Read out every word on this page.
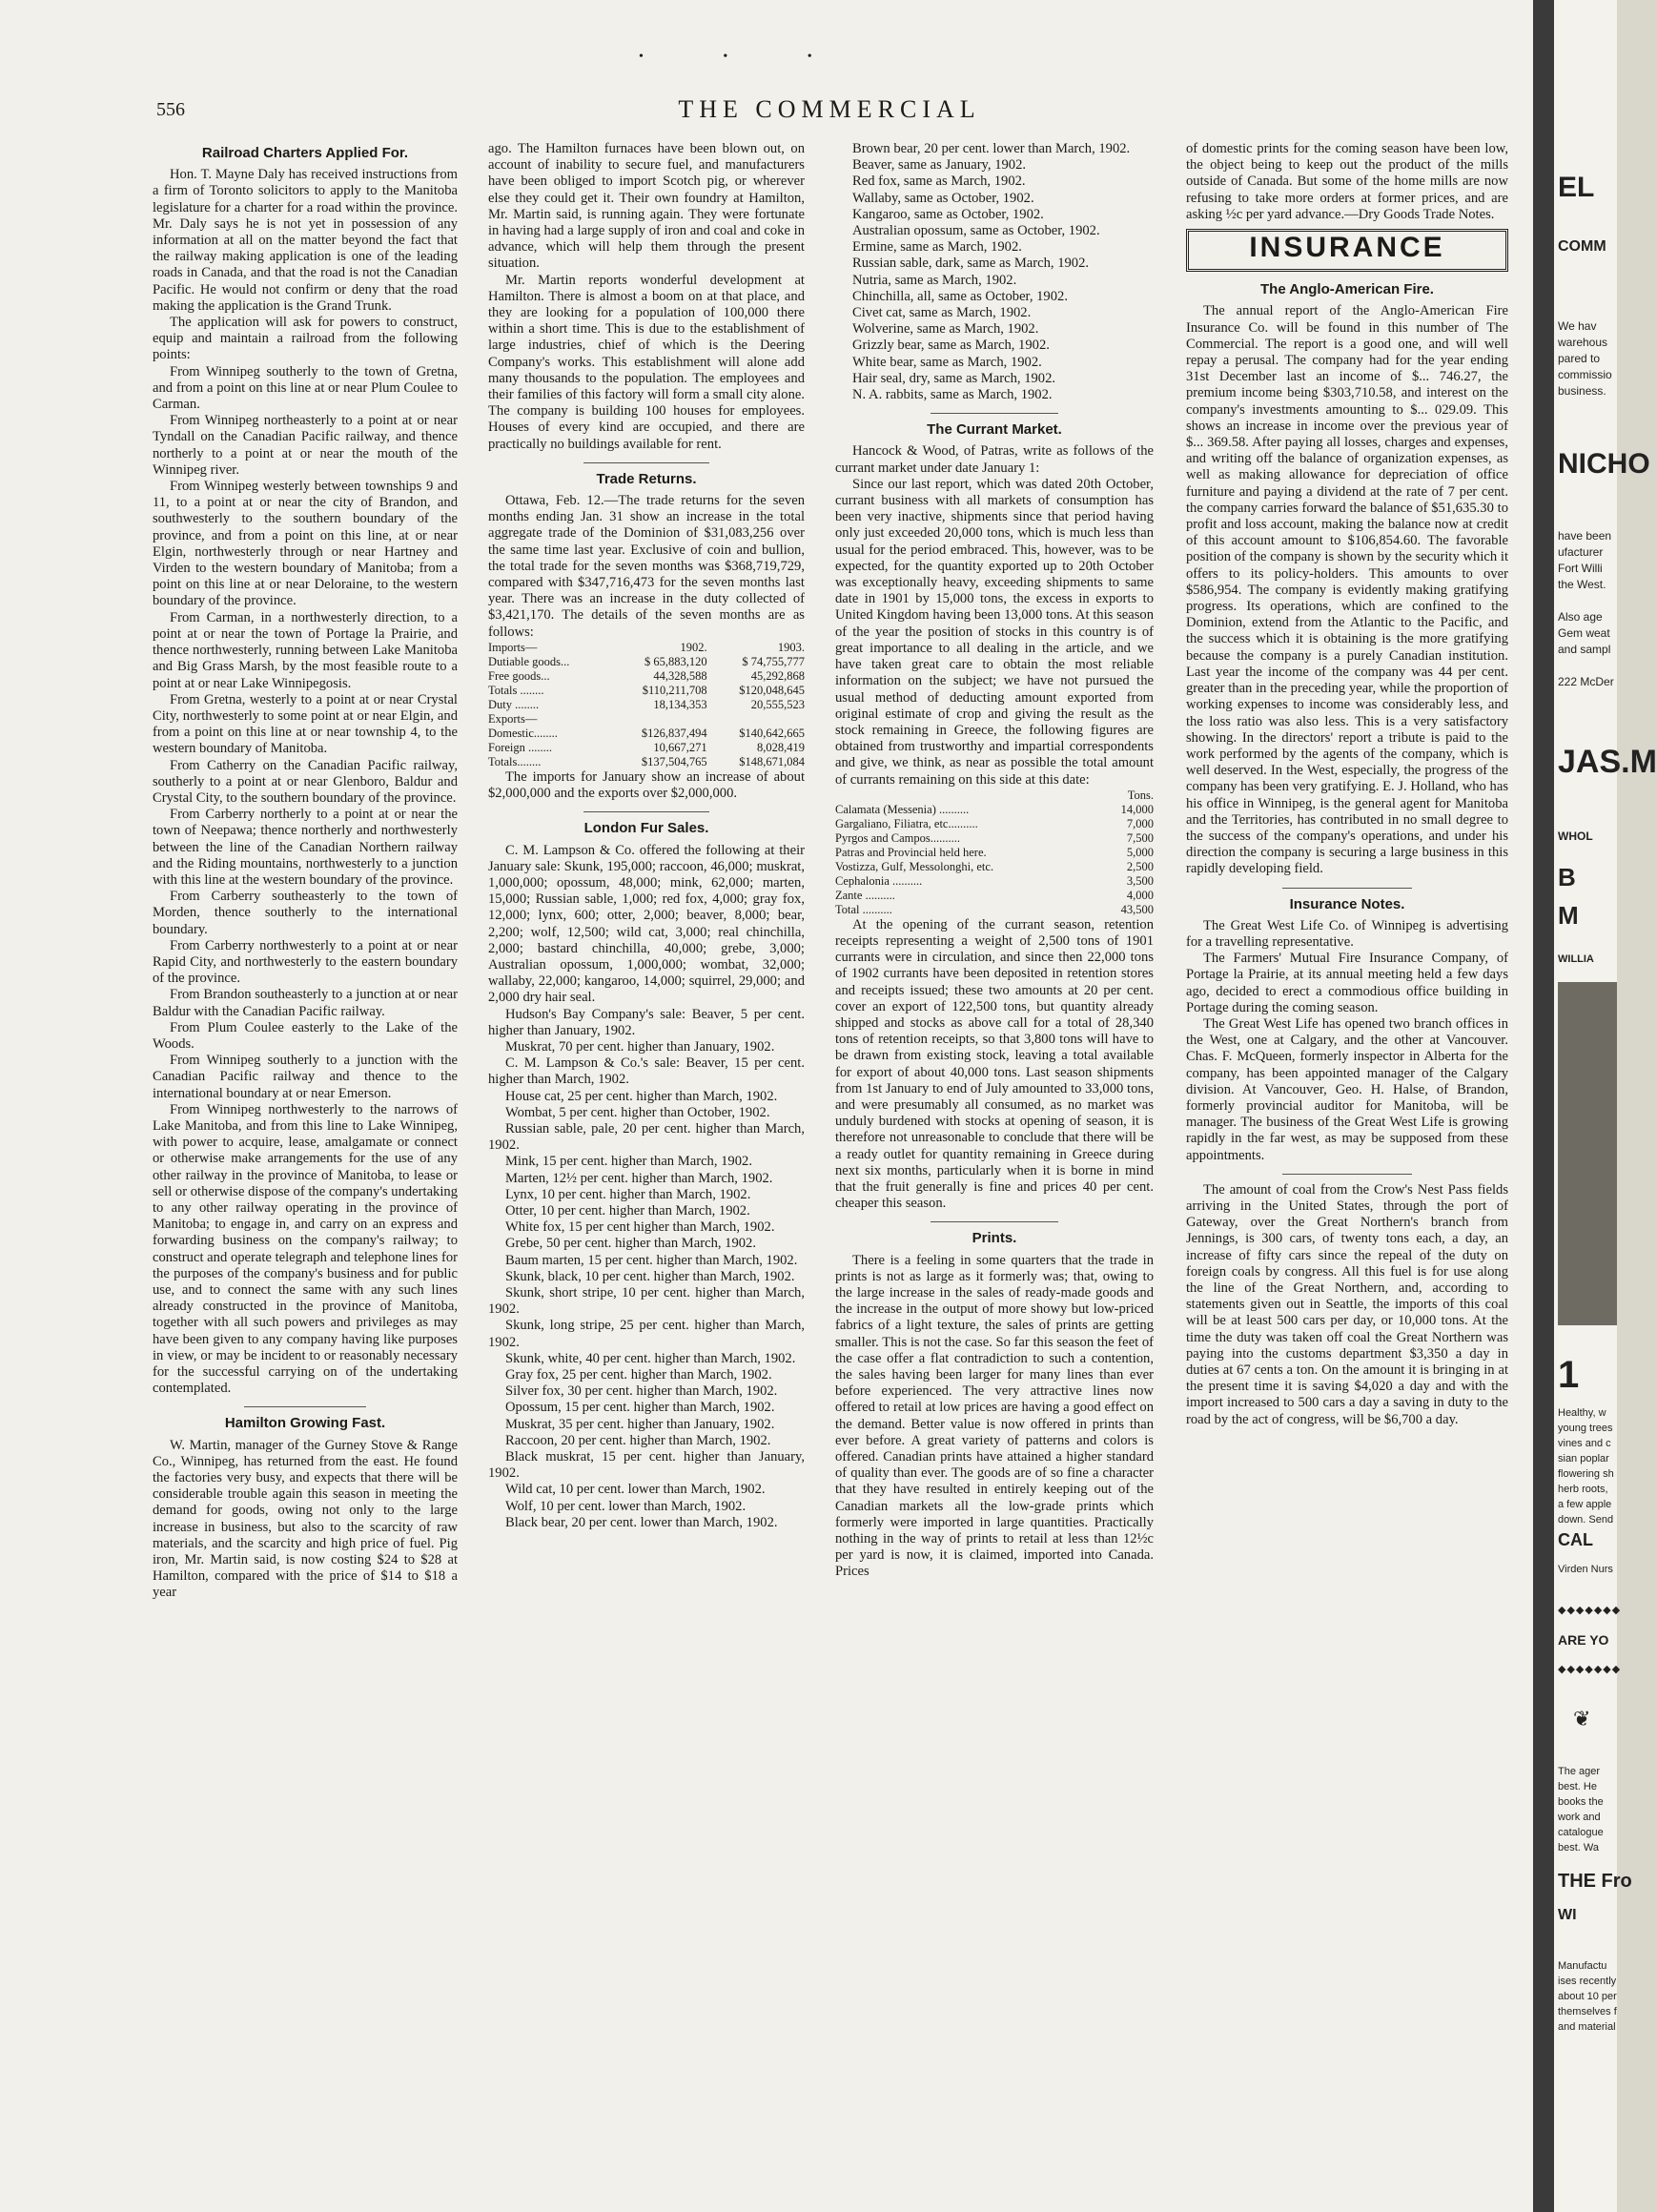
• • •
556	THE COMMERCIAL
Railroad Charters Applied For.

Hon. T. Mayne Daly has received instructions from a firm of Toronto solicitors to apply to the Manitoba legislature for a charter for a road within the province. Mr. Daly says he is not yet in possession of any information at all on the matter beyond the fact that the railway making application is one of the leading roads in Canada, and that the road is not the Canadian Pacific. He would not confirm or deny that the road making the application is the Grand Trunk.

The application will ask for powers to construct, equip and maintain a railroad from the following points:

From Winnipeg southerly to the town of Gretna, and from a point on this line at or near Plum Coulee to Carman.

From Winnipeg northeasterly to a point at or near Tyndall on the Canadian Pacific railway, and thence northerly to a point at or near the mouth of the Winnipeg river.

From Winnipeg westerly between townships 9 and 11, to a point at or near the city of Brandon, and southwesterly to the southern boundary of the province, and from a point on this line, at or near Elgin, northwesterly through or near Hartney and Virden to the western boundary of Manitoba; from a point on this line at or near Deloraine, to the western boundary of the province.

From Carman, in a northwesterly direction, to a point at or near the town of Portage la Prairie, and thence northwesterly, running between Lake Manitoba and Big Grass Marsh, by the most feasible route to a point at or near Lake Winnipegosis.

From Gretna, westerly to a point at or near Crystal City, northwesterly to some point at or near Elgin, and from a point on this line at or near township 4, to the western boundary of Manitoba.

From Catherry on the Canadian Pacific railway, southerly to a point at or near Glenboro, Baldur and Crystal City, to the southern boundary of the province.

From Carberry northerly to a point at or near the town of Neepawa; thence northerly and northwesterly between the line of the Canadian Northern railway and the Riding mountains, northwesterly to a junction with this line at the western boundary of the province.

From Carberry southeasterly to the town of Morden, thence southerly to the international boundary.

From Carberry northwesterly to a point at or near Rapid City, and northwesterly to the eastern boundary of the province.

From Brandon southeasterly to a junction at or near Baldur with the Canadian Pacific railway.

From Plum Coulee easterly to the Lake of the Woods.

From Winnipeg southerly to a junction with the Canadian Pacific railway and thence to the international boundary at or near Emerson.

From Winnipeg northwesterly to the narrows of Lake Manitoba, and from this line to Lake Winnipeg, with power to acquire, lease, amalgamate or connect or otherwise make arrangements for the use of any other railway in the province of Manitoba, to lease or sell or otherwise dispose of the company's undertaking to any other railway operating in the province of Manitoba; to engage in, and carry on an express and forwarding business on the company's railway; to construct and operate telegraph and telephone lines for the purposes of the company's business and for public use, and to connect the same with any such lines already constructed in the province of Manitoba, together with all such powers and privileges as may have been given to any company having like purposes in view, or may be incident to or reasonably necessary for the successful carrying on of the undertaking contemplated.

Hamilton Growing Fast.

W. Martin, manager of the Gurney Stove & Range Co., Winnipeg, has returned from the east. He found the factories very busy, and expects that there will be considerable trouble again this season in meeting the demand for goods, owing not only to the large increase in business, but also to the scarcity of raw materials, and the scarcity and high price of fuel. Pig iron, Mr. Martin said, is now costing $24 to $28 at Hamilton, compared with the price of $14 to $18 a year

ago. The Hamilton furnaces have been blown out, on account of inability to secure fuel, and manufacturers have been obliged to import Scotch pig, or wherever else they could get it. Their own foundry at Hamilton, Mr. Martin said, is running again. They were fortunate in having had a large supply of iron and coal and coke in advance, which will help them through the present situation.

Mr. Martin reports wonderful development at Hamilton. There is almost a boom on at that place, and they are looking for a population of 100,000 there within a short time. This is due to the establishment of large industries, chief of which is the Deering Company's works. This establishment will alone add many thousands to the population. The employees and their families of this factory will form a small city alone. The company is building 100 houses for employees. Houses of every kind are occupied, and there are practically no buildings available for rent.

Trade Returns.

Ottawa, Feb. 12.—The trade returns for the seven months ending Jan. 31 show an increase in the total aggregate trade of the Dominion of $31,083,256 over the same time last year. Exclusive of coin and bullion, the total trade for the seven months was $368,719,729, compared with $347,716,473 for the seven months last year. There was an increase in the duty collected of $3,421,170. The details of the seven months are as follows:

Imports—	1902.	1903.
Dutiable goods...	$ 65,883,120	$ 74,755,777
Free goods...	44,328,588	45,292,868
Totals ........	$110,211,708	$120,048,645
Duty ........	18,134,353	20,555,523
Exports—		
Domestic........	$126,837,494	$140,642,665
Foreign ........	10,667,271	8,028,419
Totals........	$137,504,765	$148,671,084

The imports for January show an increase of about $2,000,000 and the exports over $2,000,000.

London Fur Sales.

C. M. Lampson & Co. offered the following at their January sale: Skunk, 195,000; raccoon, 46,000; muskrat, 1,000,000; opossum, 48,000; mink, 62,000; marten, 15,000; Russian sable, 1,000; red fox, 4,000; gray fox, 12,000; lynx, 600; otter, 2,000; beaver, 8,000; bear, 2,200; wolf, 12,500; wild cat, 3,000; real chinchilla, 2,000; bastard chinchilla, 40,000; grebe, 3,000; Australian opossum, 1,000,000; wombat, 32,000; wallaby, 22,000; kangaroo, 14,000; squirrel, 29,000; and 2,000 dry hair seal.

Hudson's Bay Company's sale: Beaver, 5 per cent. higher than January, 1902.

Muskrat, 70 per cent. higher than January, 1902.

C. M. Lampson & Co.'s sale: Beaver, 15 per cent. higher than March, 1902.

House cat, 25 per cent. higher than March, 1902.

Wombat, 5 per cent. higher than October, 1902.

Russian sable, pale, 20 per cent. higher than March, 1902.

Mink, 15 per cent. higher than March, 1902.

Marten, 12½ per cent. higher than March, 1902.

Lynx, 10 per cent. higher than March, 1902.

Otter, 10 per cent. higher than March, 1902.

White fox, 15 per cent higher than March, 1902.

Grebe, 50 per cent. higher than March, 1902.

Baum marten, 15 per cent. higher than March, 1902.

Skunk, black, 10 per cent. higher than March, 1902.

Skunk, short stripe, 10 per cent. higher than March, 1902.

Skunk, long stripe, 25 per cent. higher than March, 1902.

Skunk, white, 40 per cent. higher than March, 1902.

Gray fox, 25 per cent. higher than March, 1902.

Silver fox, 30 per cent. higher than March, 1902.

Opossum, 15 per cent. higher than March, 1902.

Muskrat, 35 per cent. higher than January, 1902.

Raccoon, 20 per cent. higher than March, 1902.

Black muskrat, 15 per cent. higher than January, 1902.

Wild cat, 10 per cent. lower than March, 1902.

Wolf, 10 per cent. lower than March, 1902.

Black bear, 20 per cent. lower than March, 1902.

Brown bear, 20 per cent. lower than March, 1902.

Beaver, same as January, 1902.

Red fox, same as March, 1902.

Wallaby, same as October, 1902.

Kangaroo, same as October, 1902.

Australian opossum, same as October, 1902.

Ermine, same as March, 1902.

Russian sable, dark, same as March, 1902.

Nutria, same as March, 1902.

Chinchilla, all, same as October, 1902.

Civet cat, same as March, 1902.

Wolverine, same as March, 1902.

Grizzly bear, same as March, 1902.

White bear, same as March, 1902.

Hair seal, dry, same as March, 1902.

N. A. rabbits, same as March, 1902.

The Currant Market.

Hancock & Wood, of Patras, write as follows of the currant market under date January 1:

Since our last report, which was dated 20th October, currant business with all markets of consumption has been very inactive, shipments since that period having only just exceeded 20,000 tons, which is much less than usual for the period embraced. This, however, was to be expected, for the quantity exported up to 20th October was exceptionally heavy, exceeding shipments to same date in 1901 by 15,000 tons, the excess in exports to United Kingdom having been 13,000 tons. At this season of the year the position of stocks in this country is of great importance to all dealing in the article, and we have taken great care to obtain the most reliable information on the subject; we have not pursued the usual method of deducting amount exported from original estimate of crop and giving the result as the stock remaining in Greece, the following figures are obtained from trustworthy and impartial correspondents and give, we think, as near as possible the total amount of currants remaining on this side at this date:

	Tons.
Calamata (Messenia) ..........	14,000
Gargaliano, Filiatra, etc..........	7,000
Pyrgos and Campos..........	7,500
Patras and Provincial held here.	5,000
Vostizza, Gulf, Messolonghi, etc.	2,500
Cephalonia ..........	3,500
Zante ..........	4,000
Total ..........	43,500

At the opening of the currant season, retention receipts representing a weight of 2,500 tons of 1901 currants were in circulation, and since then 22,000 tons of 1902 currants have been deposited in retention stores and receipts issued; these two amounts at 20 per cent. cover an export of 122,500 tons, but quantity already shipped and stocks as above call for a total of 28,340 tons of retention receipts, so that 3,800 tons will have to be drawn from existing stock, leaving a total available for export of about 40,000 tons. Last season shipments from 1st January to end of July amounted to 33,000 tons, and were presumably all consumed, as no market was unduly burdened with stocks at opening of season, it is therefore not unreasonable to conclude that there will be a ready outlet for quantity remaining in Greece during next six months, particularly when it is borne in mind that the fruit generally is fine and prices 40 per cent. cheaper this season.

Prints.

There is a feeling in some quarters that the trade in prints is not as large as it formerly was; that, owing to the large increase in the sales of ready-made goods and the increase in the output of more showy but low-priced fabrics of a light texture, the sales of prints are getting smaller. This is not the case. So far this season the feet of the case offer a flat contradiction to such a contention, the sales having been larger for many lines than ever before experienced. The very attractive lines now offered to retail at low prices are having a good effect on the demand. Better value is now offered in prints than ever before. A great variety of patterns and colors is offered. Canadian prints have attained a higher standard of quality than ever. The goods are of so fine a character that they have resulted in entirely keeping out of the Canadian markets all the low-grade prints which formerly were imported in large quantities. Practically nothing in the way of prints to retail at less than 12½c per yard is now, it is claimed, imported into Canada. Prices

of domestic prints for the coming season have been low, the object being to keep out the product of the mills outside of Canada. But some of the home mills are now refusing to take more orders at former prices, and are asking ½c per yard advance.—Dry Goods Trade Notes.

INSURANCE
The Anglo-American Fire.

The annual report of the Anglo-American Fire Insurance Co. will be found in this number of The Commercial. The report is a good one, and will well repay a perusal. The company had for the year ending 31st December last an income of $... 746.27, the premium income being $303,710.58, and interest on the company's investments amounting to $... 029.09. This shows an increase in income over the previous year of $... 369.58. After paying all losses, charges and expenses, and writing off the balance of organization expenses, as well as making allowance for depreciation of office furniture and paying a dividend at the rate of 7 per cent. the company carries forward the balance of $51,635.30 to profit and loss account, making the balance now at credit of this account amount to $106,854.60. The favorable position of the company is shown by the security which it offers to its policy-holders. This amounts to over $586,954. The company is evidently making gratifying progress. Its operations, which are confined to the Dominion, extend from the Atlantic to the Pacific, and the success which it is obtaining is the more gratifying because the company is a purely Canadian institution. Last year the income of the company was 44 per cent. greater than in the preceding year, while the proportion of working expenses to income was considerably less, and the loss ratio was also less. This is a very satisfactory showing. In the directors' report a tribute is paid to the work performed by the agents of the company, which is well deserved. In the West, especially, the progress of the company has been very gratifying. E. J. Holland, who has his office in Winnipeg, is the general agent for Manitoba and the Territories, has contributed in no small degree to the success of the company's operations, and under his direction the company is securing a large business in this rapidly developing field.

Insurance Notes.

The Great West Life Co. of Winnipeg is advertising for a travelling representative.

The Farmers' Mutual Fire Insurance Company, of Portage la Prairie, at its annual meeting held a few days ago, decided to erect a commodious office building in Portage during the coming season.

The Great West Life has opened two branch offices in the West, one at Calgary, and the other at Vancouver. Chas. F. McQueen, formerly inspector in Alberta for the company, has been appointed manager of the Calgary division. At Vancouver, Geo. H. Halse, of Brandon, formerly provincial auditor for Manitoba, will be manager. The business of the Great West Life is growing rapidly in the far west, as may be supposed from these appointments.

The amount of coal from the Crow's Nest Pass fields arriving in the United States, through the port of Gateway, over the Great Northern's branch from Jennings, is 300 cars, of twenty tons each, a day, an increase of fifty cars since the repeal of the duty on foreign coals by congress. All this fuel is for use along the line of the Great Northern, and, according to statements given out in Seattle, the imports of this coal will be at least 500 cars per day, or 10,000 tons. At the time the duty was taken off coal the Great Northern was paying into the customs department $3,350 a day in duties at 67 cents a ton. On the amount it is bringing in at the present time it is saving $4,020 a day and with the import increased to 500 cars a day a saving in duty to the road by the act of congress, will be $6,700 a day.

EL
COMM
We hav
warehous
pared to
commissio
business.
NICHO
have been
ufacturer
Fort Willi
the West.
Also age
Gem weat
and sampl
222 McDer
JAS.M
WHOL
B
M
WILLIA
1
Healthy, w
young trees
vines and c
sian poplar
flowering sh
herb roots,
a few apple
down. Send
CAL
Virden Nurs
◆◆◆◆◆◆◆
ARE YO
◆◆◆◆◆◆◆
❦
The ager
best. He
books the
work and
catalogue
best. Wa
THE Fro
WI
Manufactu
ises recently
about 10 per
themselves f
and material
